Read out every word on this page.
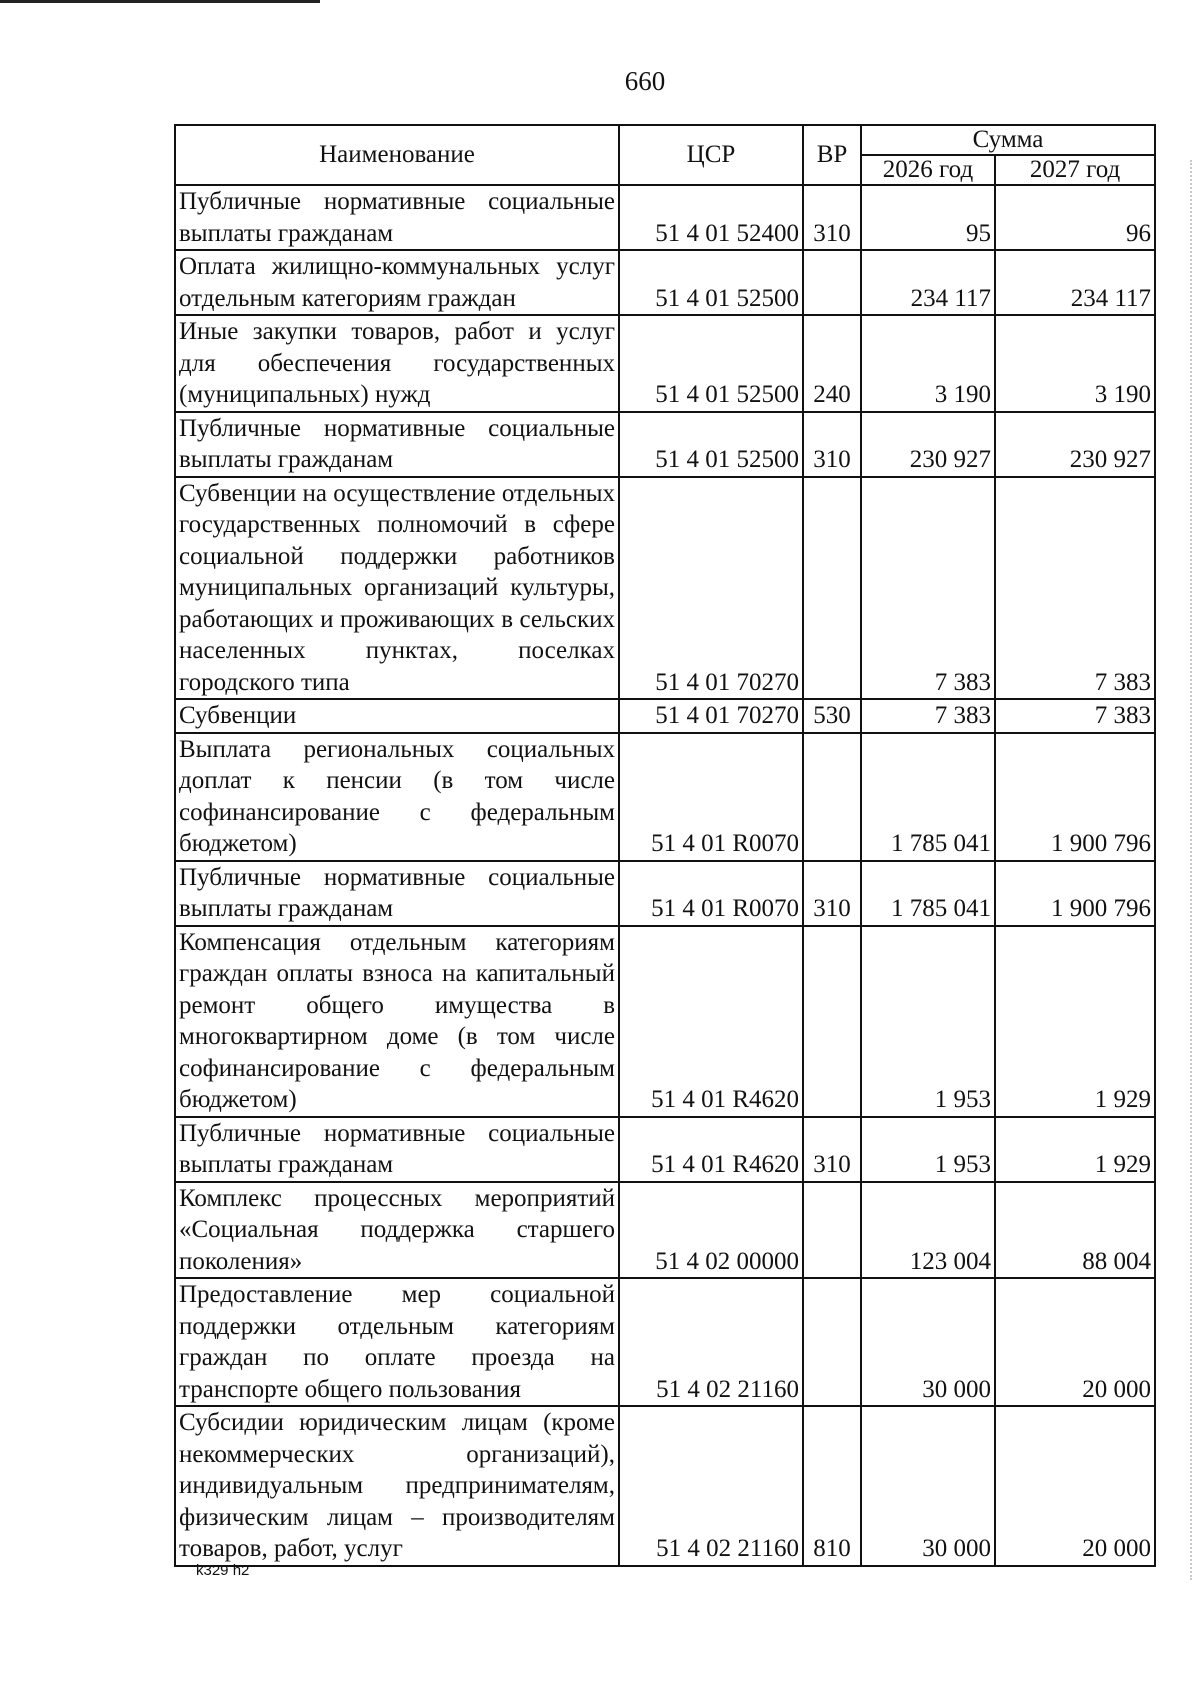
660
Наименование	ЦСР	ВР	Сумма	
			2026 год	2027 год
Публичные нормативные социальные выплаты гражданам	51 4 01 52400	310	95	96
Оплата жилищно-коммунальных услуг отдельным категориям граждан	51 4 01 52500		234 117	234 117
Иные закупки товаров, работ и услуг для обеспечения государственных (муниципальных) нужд	51 4 01 52500	240	3 190	3 190
Публичные нормативные социальные выплаты гражданам	51 4 01 52500	310	230 927	230 927
Субвенции на осуществление отдельных государственных полномочий в сфере социальной поддержки работников муниципальных организаций культуры, работающих и проживающих в сельских населенных пунктах, поселках городского типа	51 4 01 70270		7 383	7 383
Субвенции	51 4 01 70270	530	7 383	7 383
Выплата региональных социальных доплат к пенсии (в том числе софинансирование с федеральным бюджетом)	51 4 01 R0070		1 785 041	1 900 796
Публичные нормативные социальные выплаты гражданам	51 4 01 R0070	310	1 785 041	1 900 796
Компенсация отдельным категориям граждан оплаты взноса на капитальный ремонт общего имущества в многоквартирном доме (в том числе софинансирование с федеральным бюджетом)	51 4 01 R4620		1 953	1 929
Публичные нормативные социальные выплаты гражданам	51 4 01 R4620	310	1 953	1 929
Комплекс процессных мероприятий «Социальная поддержка старшего поколения»	51 4 02 00000		123 004	88 004
Предоставление мер социальной поддержки отдельным категориям граждан по оплате проезда на транспорте общего пользования	51 4 02 21160		30 000	20 000
Субсидии юридическим лицам (кроме некоммерческих организаций), индивидуальным предпринимателям, физическим лицам – производителям товаров, работ, услуг	51 4 02 21160	810	30 000	20 000
k329 h2
